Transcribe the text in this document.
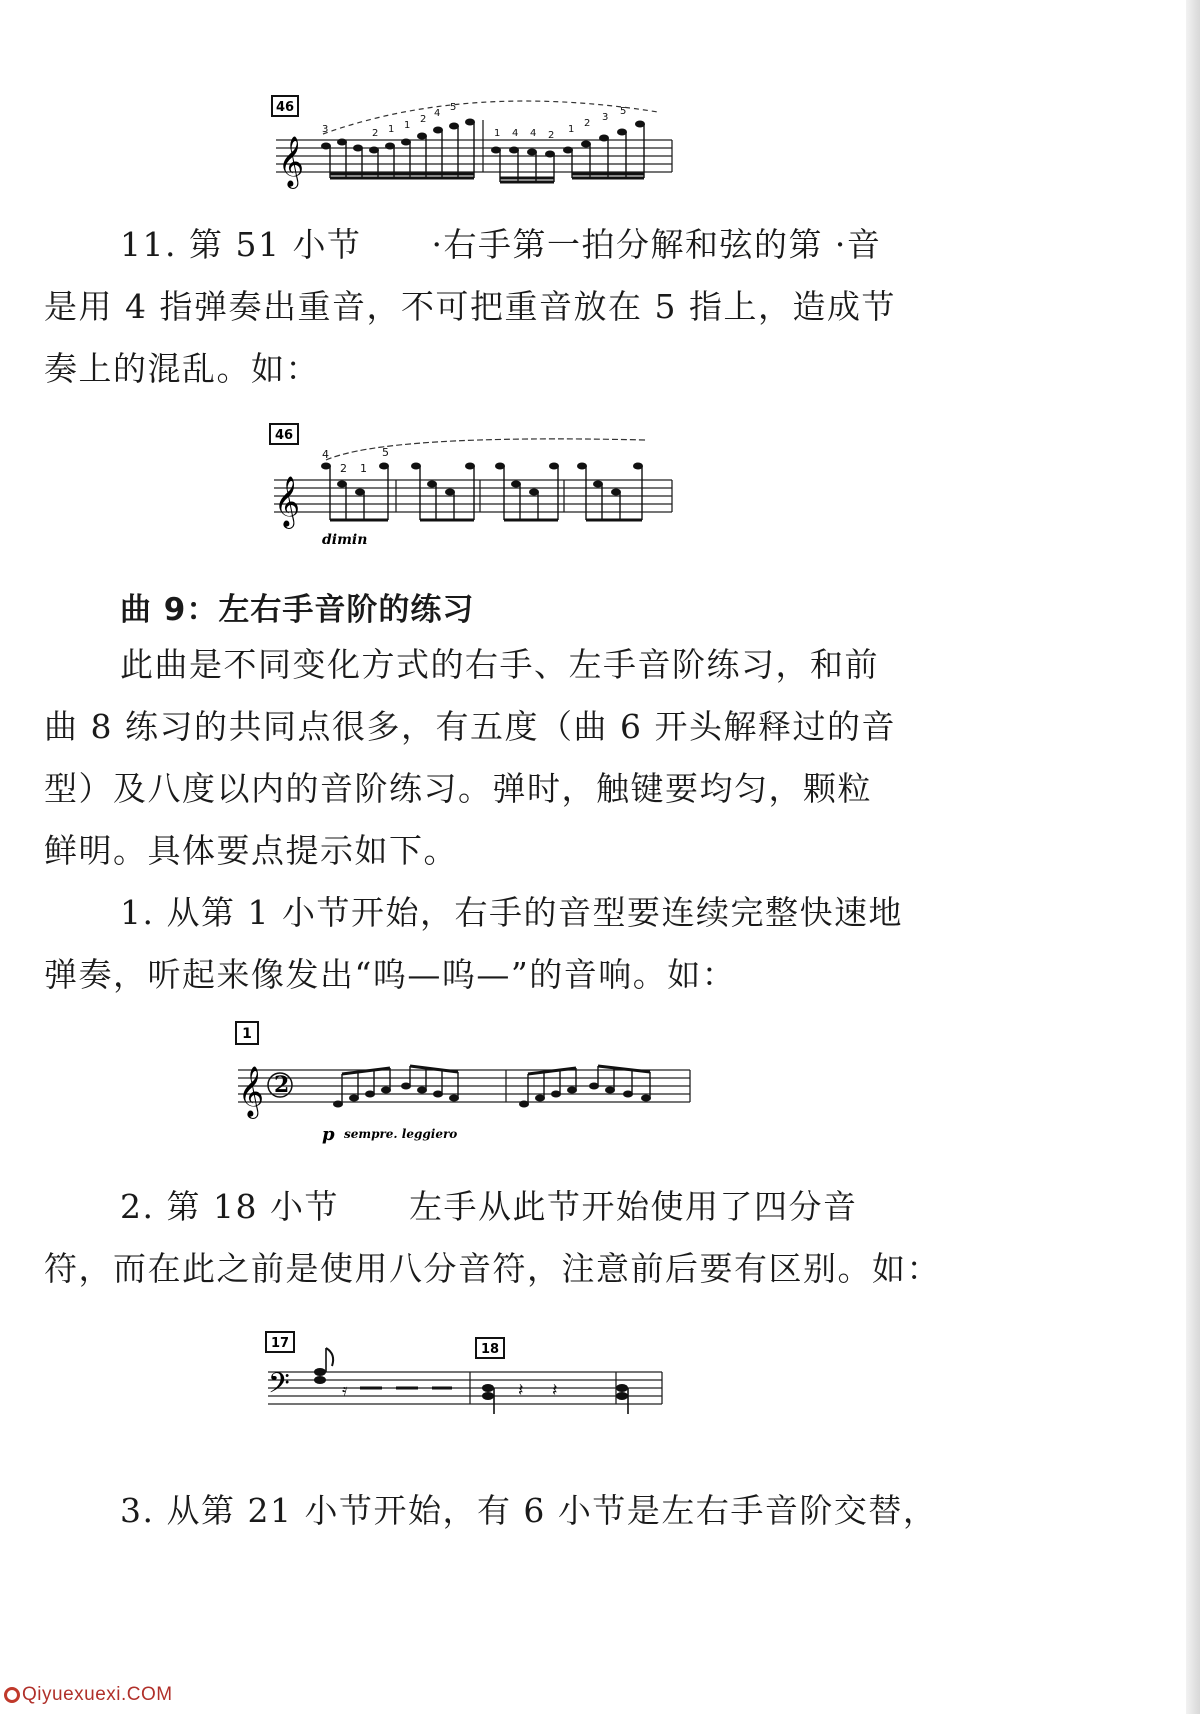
46
𝄞
3	2 1 1
2
4
5
1 4 4 2
1
2
3
5

11. 第 51 小节 ·右手第一拍分解和弦的第 ·音

是用 4 指弹奏出重音，不可把重音放在 5 指上，造成节

奏上的混乱。如：

46
𝄞
4
2 1
5
dimin
曲 9：左右手音阶的练习

此曲是不同变化方式的右手、左手音阶练习，和前

曲 8 练习的共同点很多，有五度（曲 6 开头解释过的音

型）及八度以内的音阶练习。弹时，触键要均匀，颗粒

鲜明。具体要点提示如下。

1. 从第 1 小节开始，右手的音型要连续完整快速地

弹奏，听起来像发出“呜—呜—”的音响。如：

1
𝄞 2
p sempre. leggiero

2. 第 18 小节 左手从此节开始使用了四分音

符，而在此之前是使用八分音符，注意前后要有区别。如：

17	18
𝄢	𝄿	𝄽 𝄽

3. 从第 21 小节开始，有 6 小节是左右手音阶交替，

Qiyuexuexi.COM
